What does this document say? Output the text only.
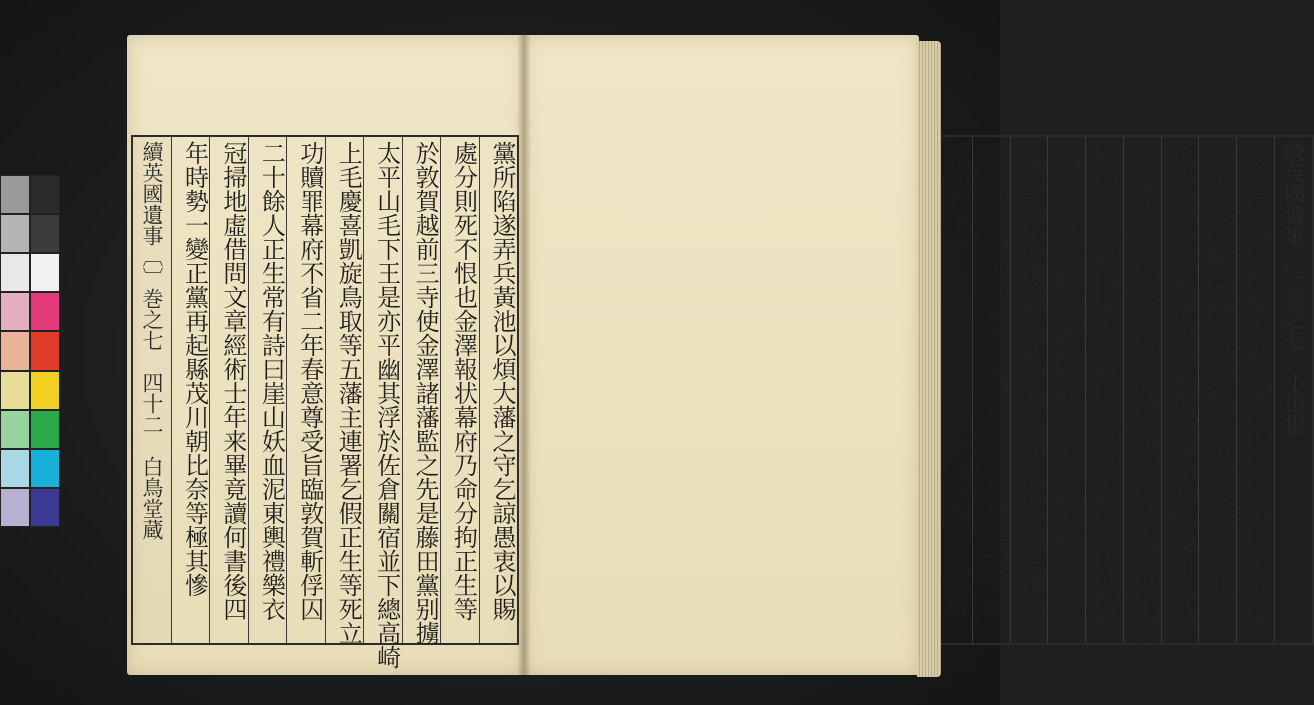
續英國遺事〔〕巻之七　四十二　白鳥堂蔵	黨所陷遂弄兵黃池以煩大藩之守乞諒愚衷以賜
處分則死不恨也金澤報状幕府乃命分拘正生等
於敦賀越前三寺使金澤諸藩監之先是藤田黨别擄
太平山毛下王是亦平幽其浮於佐倉關宿並下總高崎
上毛慶喜凱旋鳥取等五藩主連署乞假正生等死立
功贖罪幕府不省二年春意尊受旨臨敦賀斬俘囚
二十餘人正生常有詩曰崖山妖血泥東輿禮樂衣
冠掃地虛借問文章經術士年来畢竟讀何書後四
年時勢一變正黨再起縣茂川朝比奈等極其慘	続英國遺事〔〕巻之七　小田根
小田原兵在海津正生開之捧書乞哀不許正生寃
慶復校金澤乞降至再不納乃呈書請除賊名且曰
自戊午攘夷詔下以降贈大納言齊昭鞠躬盡瘁畫策
邊事而言不行今中納言慶喜亦奉勅輔將軍以謀攘
夷而海氛自如殆使神州陸沈區區之志不勝悲憤
今茲五月幕府始布鎖港勅某等喜謂千歲一時乃
糾合同志欲以一舉徇義庶幾可勉消埃之報以成
寡君累葉之志是豈某等之好兵嫌亂乎顧攘夷事
重詔旨匪輕志士不可一日偷安也何圖一旦為好
